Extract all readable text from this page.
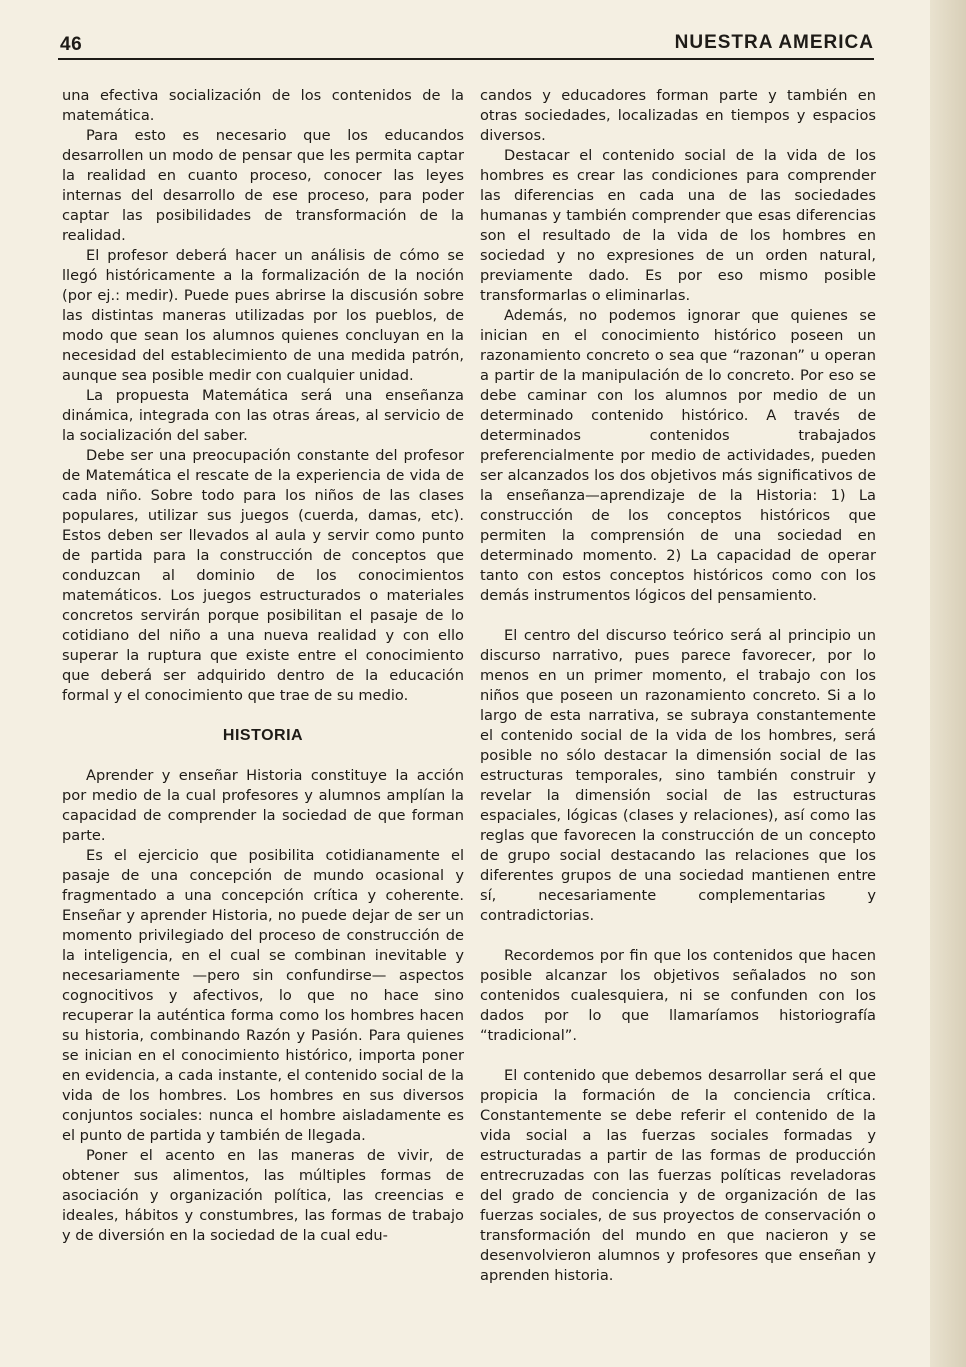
46	NUESTRA AMERICA

una efectiva socialización de los contenidos de la matemática.

Para esto es necesario que los educandos desarrollen un modo de pensar que les permita captar la realidad en cuanto proceso, conocer las leyes internas del desarrollo de ese proceso, para poder captar las posibilidades de transformación de la realidad.

El profesor deberá hacer un análisis de cómo se llegó históricamente a la formalización de la noción (por ej.: medir). Puede pues abrirse la discusión sobre las distintas maneras utilizadas por los pueblos, de modo que sean los alumnos quienes concluyan en la necesidad del establecimiento de una medida patrón, aunque sea posible medir con cualquier unidad.

La propuesta Matemática será una enseñanza dinámica, integrada con las otras áreas, al servicio de la socialización del saber.

Debe ser una preocupación constante del profesor de Matemática el rescate de la experiencia de vida de cada niño. Sobre todo para los niños de las clases populares, utilizar sus juegos (cuerda, damas, etc). Estos deben ser llevados al aula y servir como punto de partida para la construcción de conceptos que conduzcan al dominio de los conocimientos matemáticos. Los juegos estructurados o materiales concretos servirán porque posibilitan el pasaje de lo cotidiano del niño a una nueva realidad y con ello superar la ruptura que existe entre el conocimiento que deberá ser adquirido dentro de la educación formal y el conocimiento que trae de su medio.

HISTORIA

Aprender y enseñar Historia constituye la acción por medio de la cual profesores y alumnos amplían la capacidad de comprender la sociedad de que forman parte.

Es el ejercicio que posibilita cotidianamente el pasaje de una concepción de mundo ocasional y fragmentado a una concepción crítica y coherente. Enseñar y aprender Historia, no puede dejar de ser un momento privilegiado del proceso de construcción de la inteligencia, en el cual se combinan inevitable y necesariamente —pero sin confundirse— aspectos cognocitivos y afectivos, lo que no hace sino recuperar la auténtica forma como los hombres hacen su historia, combinando Razón y Pasión. Para quienes se inician en el conocimiento histórico, importa poner en evidencia, a cada instante, el contenido social de la vida de los hombres. Los hombres en sus diversos conjuntos sociales: nunca el hombre aisladamente es el punto de partida y también de llegada.

Poner el acento en las maneras de vivir, de obtener sus alimentos, las múltiples formas de asociación y organización política, las creencias e ideales, hábitos y constumbres, las formas de trabajo y de diversión en la sociedad de la cual edu-

candos y educadores forman parte y también en otras sociedades, localizadas en tiempos y espacios diversos.

Destacar el contenido social de la vida de los hombres es crear las condiciones para comprender las diferencias en cada una de las sociedades humanas y también comprender que esas diferencias son el resultado de la vida de los hombres en sociedad y no expresiones de un orden natural, previamente dado. Es por eso mismo posible transformarlas o eliminarlas.

Además, no podemos ignorar que quienes se inician en el conocimiento histórico poseen un razonamiento concreto o sea que “razonan” u operan a partir de la manipulación de lo concreto. Por eso se debe caminar con los alumnos por medio de un determinado contenido histórico. A través de determinados contenidos trabajados preferencialmente por medio de actividades, pueden ser alcanzados los dos objetivos más significativos de la enseñanza—aprendizaje de la Historia: 1) La construcción de los conceptos históricos que permiten la comprensión de una sociedad en determinado momento. 2) La capacidad de operar tanto con estos conceptos históricos como con los demás instrumentos lógicos del pensamiento.

El centro del discurso teórico será al principio un discurso narrativo, pues parece favorecer, por lo menos en un primer momento, el trabajo con los niños que poseen un razonamiento concreto. Si a lo largo de esta narrativa, se subraya constantemente el contenido social de la vida de los hombres, será posible no sólo destacar la dimensión social de las estructuras temporales, sino también construir y revelar la dimensión social de las estructuras espaciales, lógicas (clases y relaciones), así como las reglas que favorecen la construcción de un concepto de grupo social destacando las relaciones que los diferentes grupos de una sociedad mantienen entre sí, necesariamente complementarias y contradictorias.

Recordemos por fin que los contenidos que hacen posible alcanzar los objetivos señalados no son contenidos cualesquiera, ni se confunden con los dados por lo que llamaríamos historiografía “tradicional”.

El contenido que debemos desarrollar será el que propicia la formación de la conciencia crítica. Constantemente se debe referir el contenido de la vida social a las fuerzas sociales formadas y estructuradas a partir de las formas de producción entrecruzadas con las fuerzas políticas reveladoras del grado de conciencia y de organización de las fuerzas sociales, de sus proyectos de conservación o transformación del mundo en que nacieron y se desenvolvieron alumnos y profesores que enseñan y aprenden historia.
